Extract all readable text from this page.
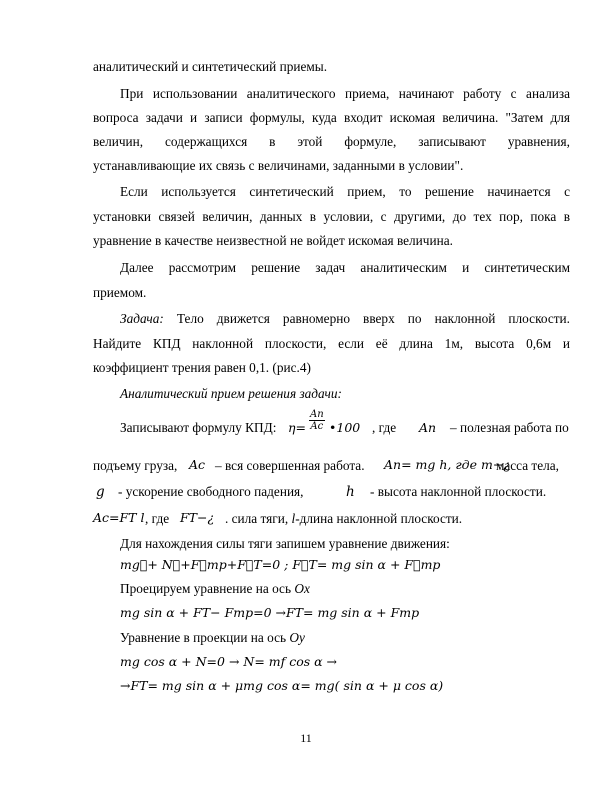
аналитический и синтетический приемы.
При использовании аналитического приема, начинают работу с анализа
вопроса задачи и записи формулы, куда входит искомая величина. "Затем для
величин, содержащихся в этой формуле, записывают уравнения,
устанавливающие их связь с величинами, заданными в условии".
Если используется синтетический прием, то решение начинается с
установки связей величин, данных в условии, с другими, до тех пор, пока в
уравнение в качестве неизвестной не войдет искомая величина.
Далее рассмотрим решение задач аналитическим и синтетическим
приемом.
Задача: Тело движется равномерно вверх по наклонной плоскости.
Найдите КПД наклонной плоскости, если её длина 1м, высота 0,6м и
коэффициент трения равен 0,1. (рис.4)
Аналитический прием решения задачи:
Записывают формулу КПД: $\eta= \frac{Aп}{Aс}$ •100 , где Aп – полезная работа по
подъему груза, Aс – вся совершенная работа. Aп= mg h, где m−¿
масса тела,
g - ускорение свободного падения,	h - высота наклонной плоскости.
Aс=FТ l , где FТ−¿ . сила тяги, l-длина наклонной плоскости.
Для нахождения силы тяги запишем уравнение движения:
mg⃗+ N⃗+F⃗тр+F⃗Т=0 ; F⃗Т= mg sin α + F⃗тр
Проецируем уравнение на ось Ox
mg sin α + FТ− Fтр=0 →FТ= mg sin α + Fтр
Уравнение в проекции на ось Oy
mg cos α + N=0 → N= mf cos α →
→FТ= mg sin α + μmg cos α= mg( sin α + μ cos α)
11
